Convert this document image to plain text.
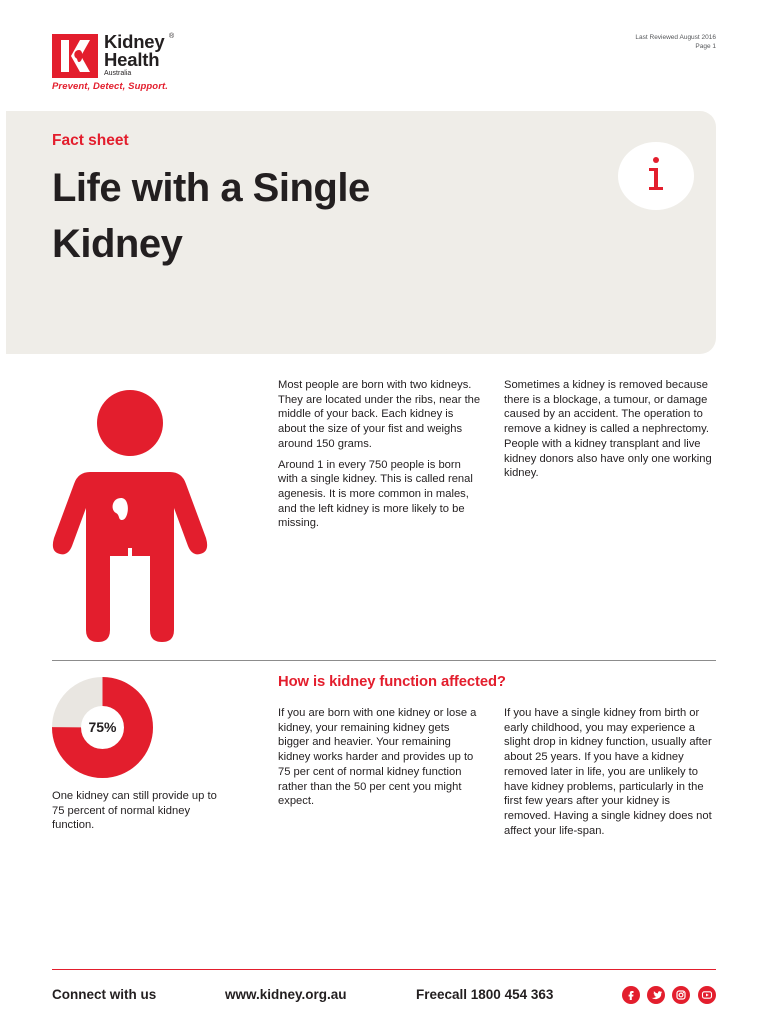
Kidney
Health
®
Australia
Prevent, Detect, Support.
Last Reviewed August 2016
Page 1
Fact sheet
Life with a Single Kidney

Most people are born with two kidneys. They are located under the ribs, near the middle of your back. Each kidney is about the size of your fist and weighs around 150 grams.

Around 1 in every 750 people is born with a single kidney. This is called renal agenesis. It is more common in males, and the left kidney is more likely to be missing.

Sometimes a kidney is removed because there is a blockage, a tumour, or damage caused by an accident. The operation to remove a kidney is called a nephrectomy. People with a kidney transplant and live kidney donors also have only one working kidney.

How is kidney function affected?
75%
One kidney can still provide up to 75 percent of normal kidney function.

If you are born with one kidney or lose a kidney, your remaining kidney gets bigger and heavier. Your remaining kidney works harder and provides up to 75 per cent of normal kidney function rather than the 50 per cent you might expect.

If you have a single kidney from birth or early childhood, you may experience a slight drop in kidney function, usually after about 25 years. If you have a kidney removed later in life, you are unlikely to have kidney problems, particularly in the first few years after your kidney is removed. Having a single kidney does not affect your life-span.

Connect with us	www.kidney.org.au	Freecall 1800 454 363
